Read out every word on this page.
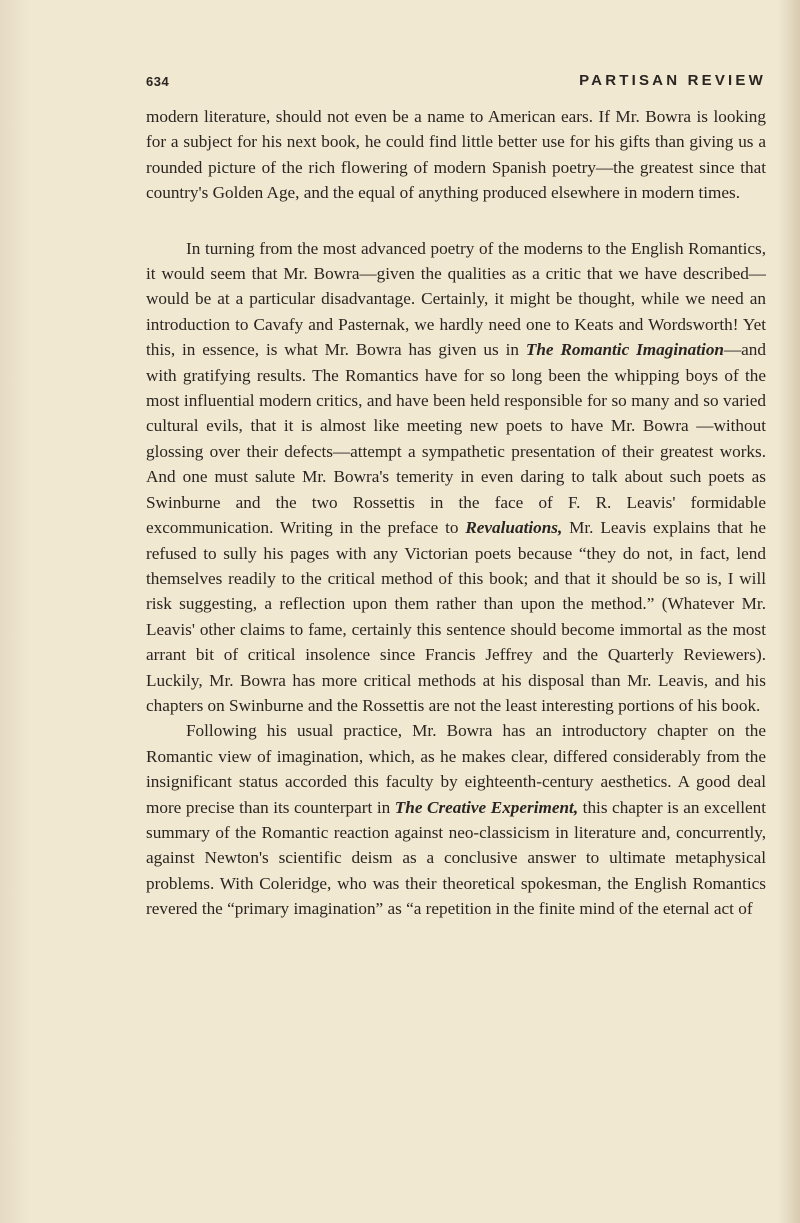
634	PARTISAN REVIEW

modern literature, should not even be a name to American ears. If Mr. Bowra is looking for a subject for his next book, he could find little better use for his gifts than giving us a rounded picture of the rich flowering of modern Spanish poetry—the greatest since that country's Golden Age, and the equal of anything produced elsewhere in modern times.

In turning from the most advanced poetry of the moderns to the English Romantics, it would seem that Mr. Bowra—given the qualities as a critic that we have described—would be at a particular disadvantage. Certainly, it might be thought, while we need an introduction to Cavafy and Pasternak, we hardly need one to Keats and Wordsworth! Yet this, in essence, is what Mr. Bowra has given us in The Romantic Imagination—and with gratifying results. The Romantics have for so long been the whipping boys of the most influential modern critics, and have been held responsible for so many and so varied cultural evils, that it is almost like meeting new poets to have Mr. Bowra —without glossing over their defects—attempt a sympathetic presentation of their greatest works. And one must salute Mr. Bowra's temerity in even daring to talk about such poets as Swinburne and the two Rossettis in the face of F. R. Leavis' formidable excommunication. Writing in the preface to Revaluations, Mr. Leavis explains that he refused to sully his pages with any Victorian poets because “they do not, in fact, lend themselves readily to the critical method of this book; and that it should be so is, I will risk suggesting, a reflection upon them rather than upon the method.” (Whatever Mr. Leavis' other claims to fame, certainly this sentence should become immortal as the most arrant bit of critical insolence since Francis Jeffrey and the Quarterly Reviewers). Luckily, Mr. Bowra has more critical methods at his disposal than Mr. Leavis, and his chapters on Swinburne and the Rossettis are not the least interesting portions of his book.

Following his usual practice, Mr. Bowra has an introductory chapter on the Romantic view of imagination, which, as he makes clear, differed considerably from the insignificant status accorded this faculty by eighteenth-century aesthetics. A good deal more precise than its counterpart in The Creative Experiment, this chapter is an excellent summary of the Romantic reaction against neo-classicism in literature and, concurrently, against Newton's scientific deism as a conclusive answer to ultimate metaphysical problems. With Coleridge, who was their theoretical spokesman, the English Romantics revered the “primary imagination” as “a repetition in the finite mind of the eternal act of
